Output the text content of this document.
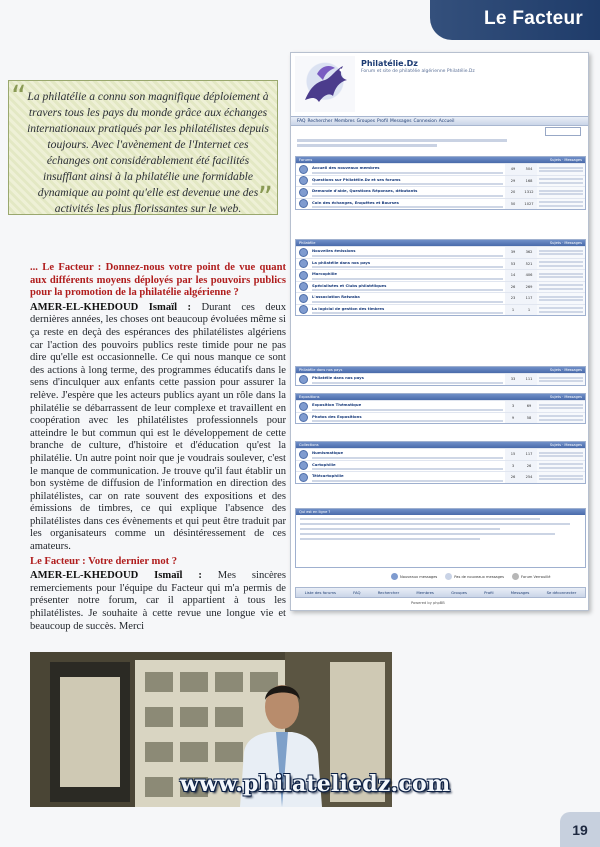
Le Facteur
“ La philatélie a connu son magnifique déploiement à travers tous les pays du monde grâce aux échanges internationaux pratiqués par les philatélistes depuis toujours. Avec l'avènement de l'Internet ces échanges ont considérablement été facilités insufflant ainsi à la philatélie une formidable dynamique au point qu'elle est devenue une des activités les plus florissantes sur le web. ”

... Le Facteur : Donnez-nous votre point de vue quant aux différents moyens déployés par les pouvoirs publics pour la promotion de la philatélie algérienne ?

AMER-EL-KHEDOUD Ismaïl : Durant ces deux dernières années, les choses ont beaucoup évoluées même si ça reste en deçà des espérances des philatélistes algériens car l'action des pouvoirs publics reste timide pour ne pas dire qu'elle est occasionnelle. Ce qui nous manque ce sont des actions à long terme, des programmes éducatifs dans le sens d'inculquer aux enfants cette passion pour assurer la relève. J'espère que les acteurs publics ayant un rôle dans la philatélie se débarrassent de leur complexe et travaillent en coopération avec les philatélistes professionnels pour atteindre le but commun qui est le développement de cette branche de culture, d'histoire et d'éducation qu'est la philatélie. Un autre point noir que je voudrais soulever, c'est le manque de communication. Je trouve qu'il faut établir un bon système de diffusion de l'information en direction des philatélistes, car on rate souvent des expositions et des émissions de timbres, ce qui explique l'absence des philatélistes dans ces évènements et qui peut être traduit par les organisateurs comme un désintéressement de ces amateurs.

Le Facteur : Votre dernier mot ?

AMER-EL-KHEDOUD Ismaïl : Mes sincères remerciements pour l'équipe du Facteur qui m'a permis de présenter notre forum, car il appartient à tous les philatélistes. Je souhaite à cette revue une longue vie et beaucoup de succès. Merci

Philatélie.Dz
Forum et site de philatélie algérienne Philatélie.Dz
FAQ Rechercher Membres Groupes Profil Messages Connexion Accueil
Forums	Sujets · Messages
Accueil des nouveaux membres	49	504
Questions sur Philatélie.Dz et ses forums	29	168
Demande d'aide, Questions Réponses, débutants	20	1312
Coin des échanges, Enquêtes et Bourses	50	1027
Philatélie	Sujets · Messages
Nouvelles émissions	39	362
La philatélie dans nos pays	53	521
Marcophilie	14	406
Spécialisées et Clubs philatéliques	26	269
L'association Ratwaba	23	117
La logicial de gestion des timbres	1	1
Philatélie dans nos pays	Sujets · Messages
Philatélie dans nos pays	33	111
Expositions	Sujets · Messages
Exposition Thématique	3	69
Photos des Expositions	9	58
Collections	Sujets · Messages
Numismatique	15	117
Cartophilie	3	26
Télécartophilie	26	254
Qui est en ligne ?
Nouveaux messages	Pas de nouveaux messages	Forum Verrouillé
Liste des forums	FAQ	Rechercher	Membres	Groupes	Profil	Messages	Se déconnecter
Powered by phpBB
www.philateliedz.com
19
